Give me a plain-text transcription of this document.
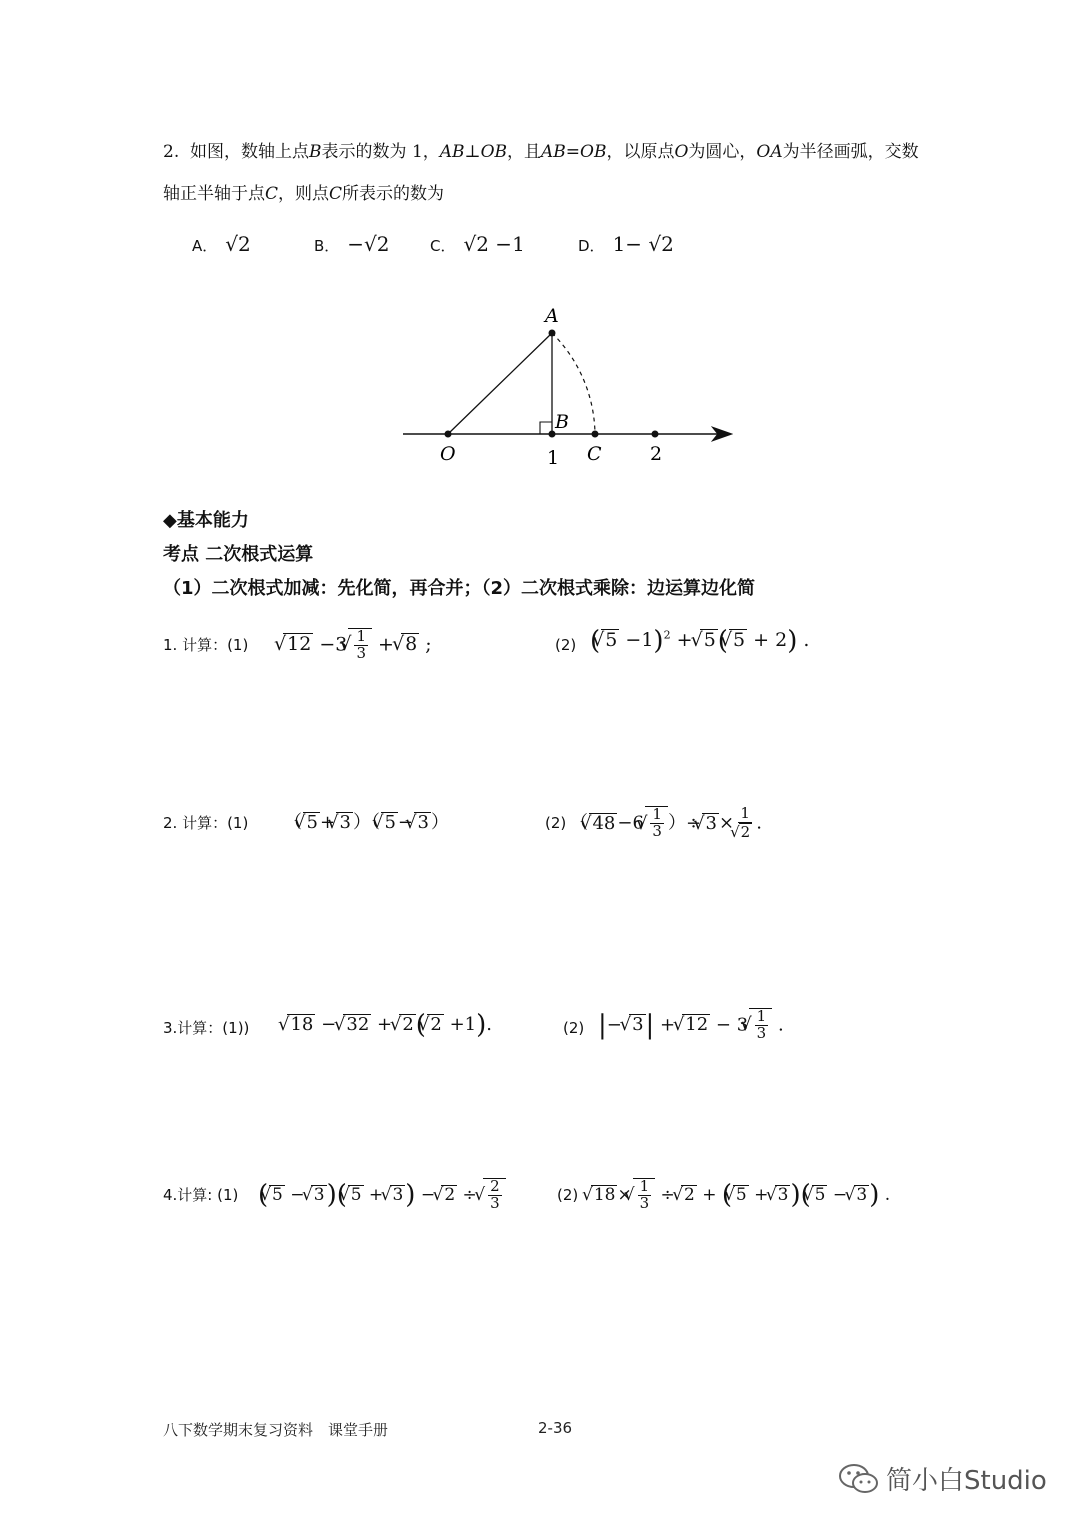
2. 如图，数轴上点B表示的数为 1，AB⊥OB，且AB=OB，以原点O为圆心，OA为半径画弧，交数
轴正半轴于点C，则点C所表示的数为
A． √2	B． −√2	C． √2 −1	D． 1− √2
A
B
O	1 C	2
◆基本能力
考点 二次根式运算
（1）二次根式加减：先化简，再合并；（2）二次根式乘除：边运算边化简
1. 计算：(1) √ 12 −3 √ $\frac{1}{3}$ + √ 8 ;	(2) ( √ 5 −1)$^2$ + √ 5( √ 5 + 2) .
2. 计算：(1) （ √ 5 + √ 3 ）（ √ 5 − √ 3 ）	(2) （ √ 48 −6 √ $\frac{1}{3}$ ）÷ √ 3 × 1
√ 2 .
3.计算：(1)) √ 18 − √ 32 + √ 2( √ 2 +1).	(2) |− √ 3| + √ 12 − 3 √ $\frac{1}{3}$ .
4.计算: (1) ( √ 5 − √ 3)( √ 5 + √ 3) − √ 2 ÷ √ $\frac{2}{3}$	(2) √ 18 × √ $\frac{1}{3}$ ÷ √ 2 + ( √ 5 + √ 3)( √ 5 − √ 3) .
八下数学期末复习资料　课堂手册	2-36
简小白Studio
